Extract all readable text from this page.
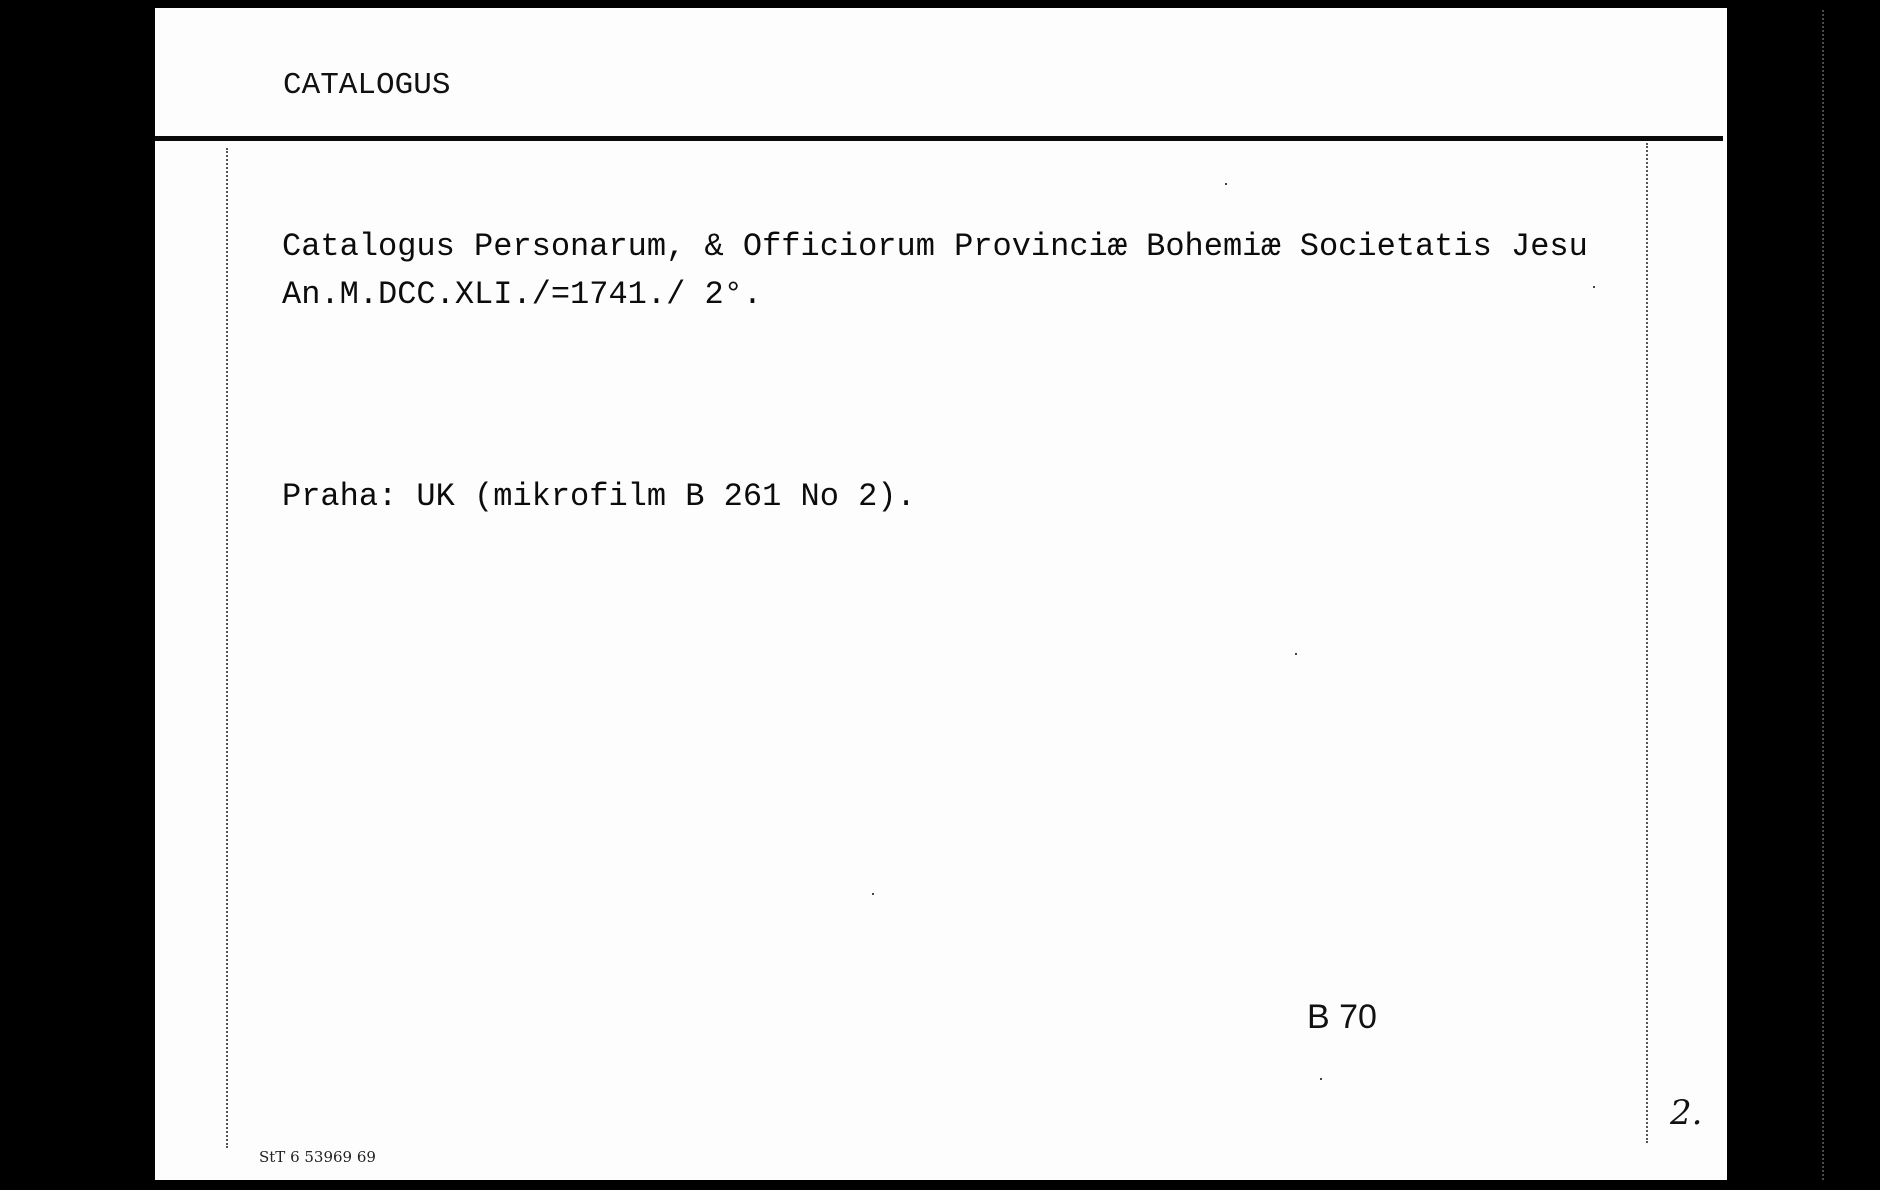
CATALOGUS
Catalogus Personarum, & Officiorum Provinciæ Bohemiæ Societatis Jesu
An.M.DCC.XLI./=1741./ 2°.
Praha: UK (mikrofilm B 261 No 2).
B 70
2.
StT 6 53969 69
